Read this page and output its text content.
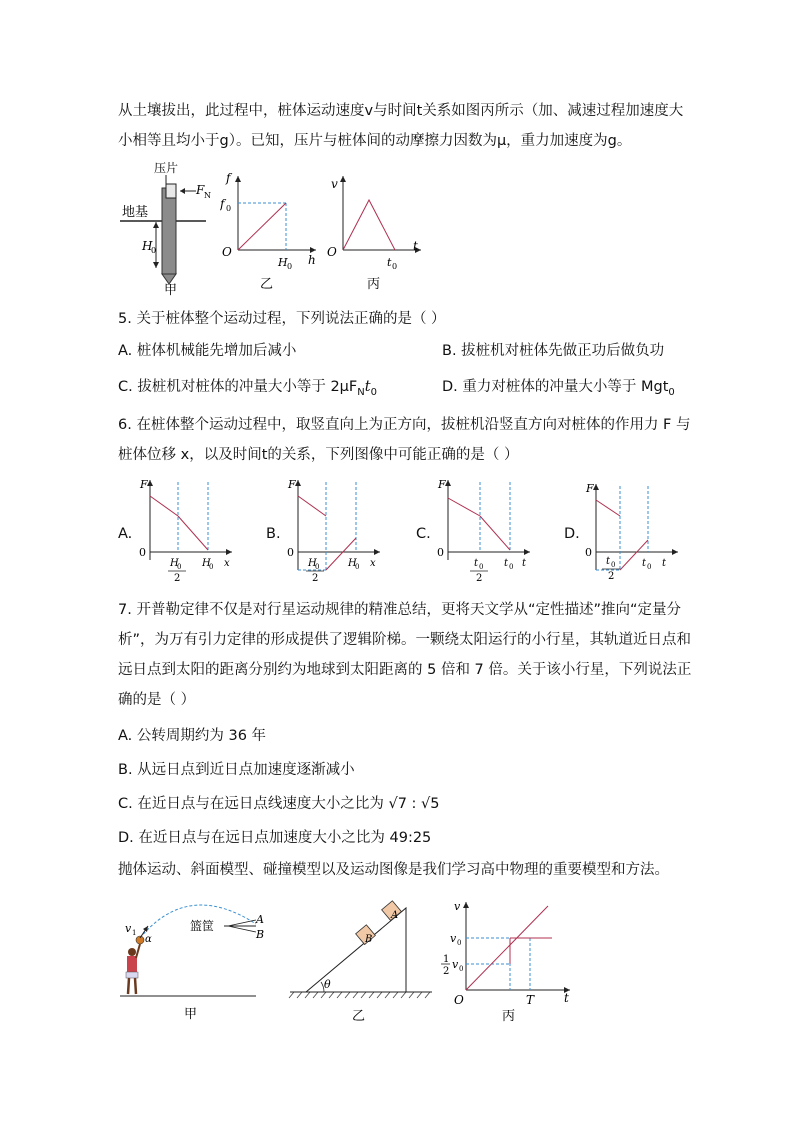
从土壤拔出，此过程中，桩体运动速度v与时间t关系如图丙所示（加、减速过程加速度大
小相等且均小于g）。已知，压片与桩体间的动摩擦力因数为μ，重力加速度为g。
压片
地基
F N
H
0
甲
f
f 0
O
h
H 0
乙
v
O	t
t 0
丙
5. 关于桩体整个运动过程，下列说法正确的是（ ）
A. 桩体机械能先增加后减小	B. 拔桩机对桩体先做正功后做负功
C. 拔桩机对桩体的冲量大小等于 $2\mu F_Nt_0$	D. 重力对桩体的冲量大小等于 Mgt$_0$
6. 在桩体整个运动过程中，取竖直向上为正方向，拔桩机沿竖直方向对桩体的作用力 F 与
桩体位移 x，以及时间t的关系，下列图像中可能正确的是（ ）
A.
F
0
H
0
2
H
0 x
B.
F
0
H
0
2
H
0 x
C.
F
0
t 0
2
t 0 t
D.
F
0
t 0
2
t 0 t
7. 开普勒定律不仅是对行星运动规律的精准总结，更将天文学从“定性描述”推向“定量分
析”，为万有引力定律的形成提供了逻辑阶梯。一颗绕太阳运行的小行星，其轨道近日点和
远日点到太阳的距离分别约为地球到太阳距离的 5 倍和 7 倍。关于该小行星，下列说法正
确的是（ ）
A. 公转周期约为 36 年
B. 从远日点到近日点加速度逐渐减小
C. 在近日点与在远日点线速度大小之比为 √7 : √5
D. 在近日点与在远日点加速度大小之比为 49:25
抛体运动、斜面模型、碰撞模型以及运动图像是我们学习高中物理的重要模型和方法。
v 1
α
篮筐	A
B
甲
θ
B
A
乙
v
v 0
1
2
v 0
O	T t
丙
